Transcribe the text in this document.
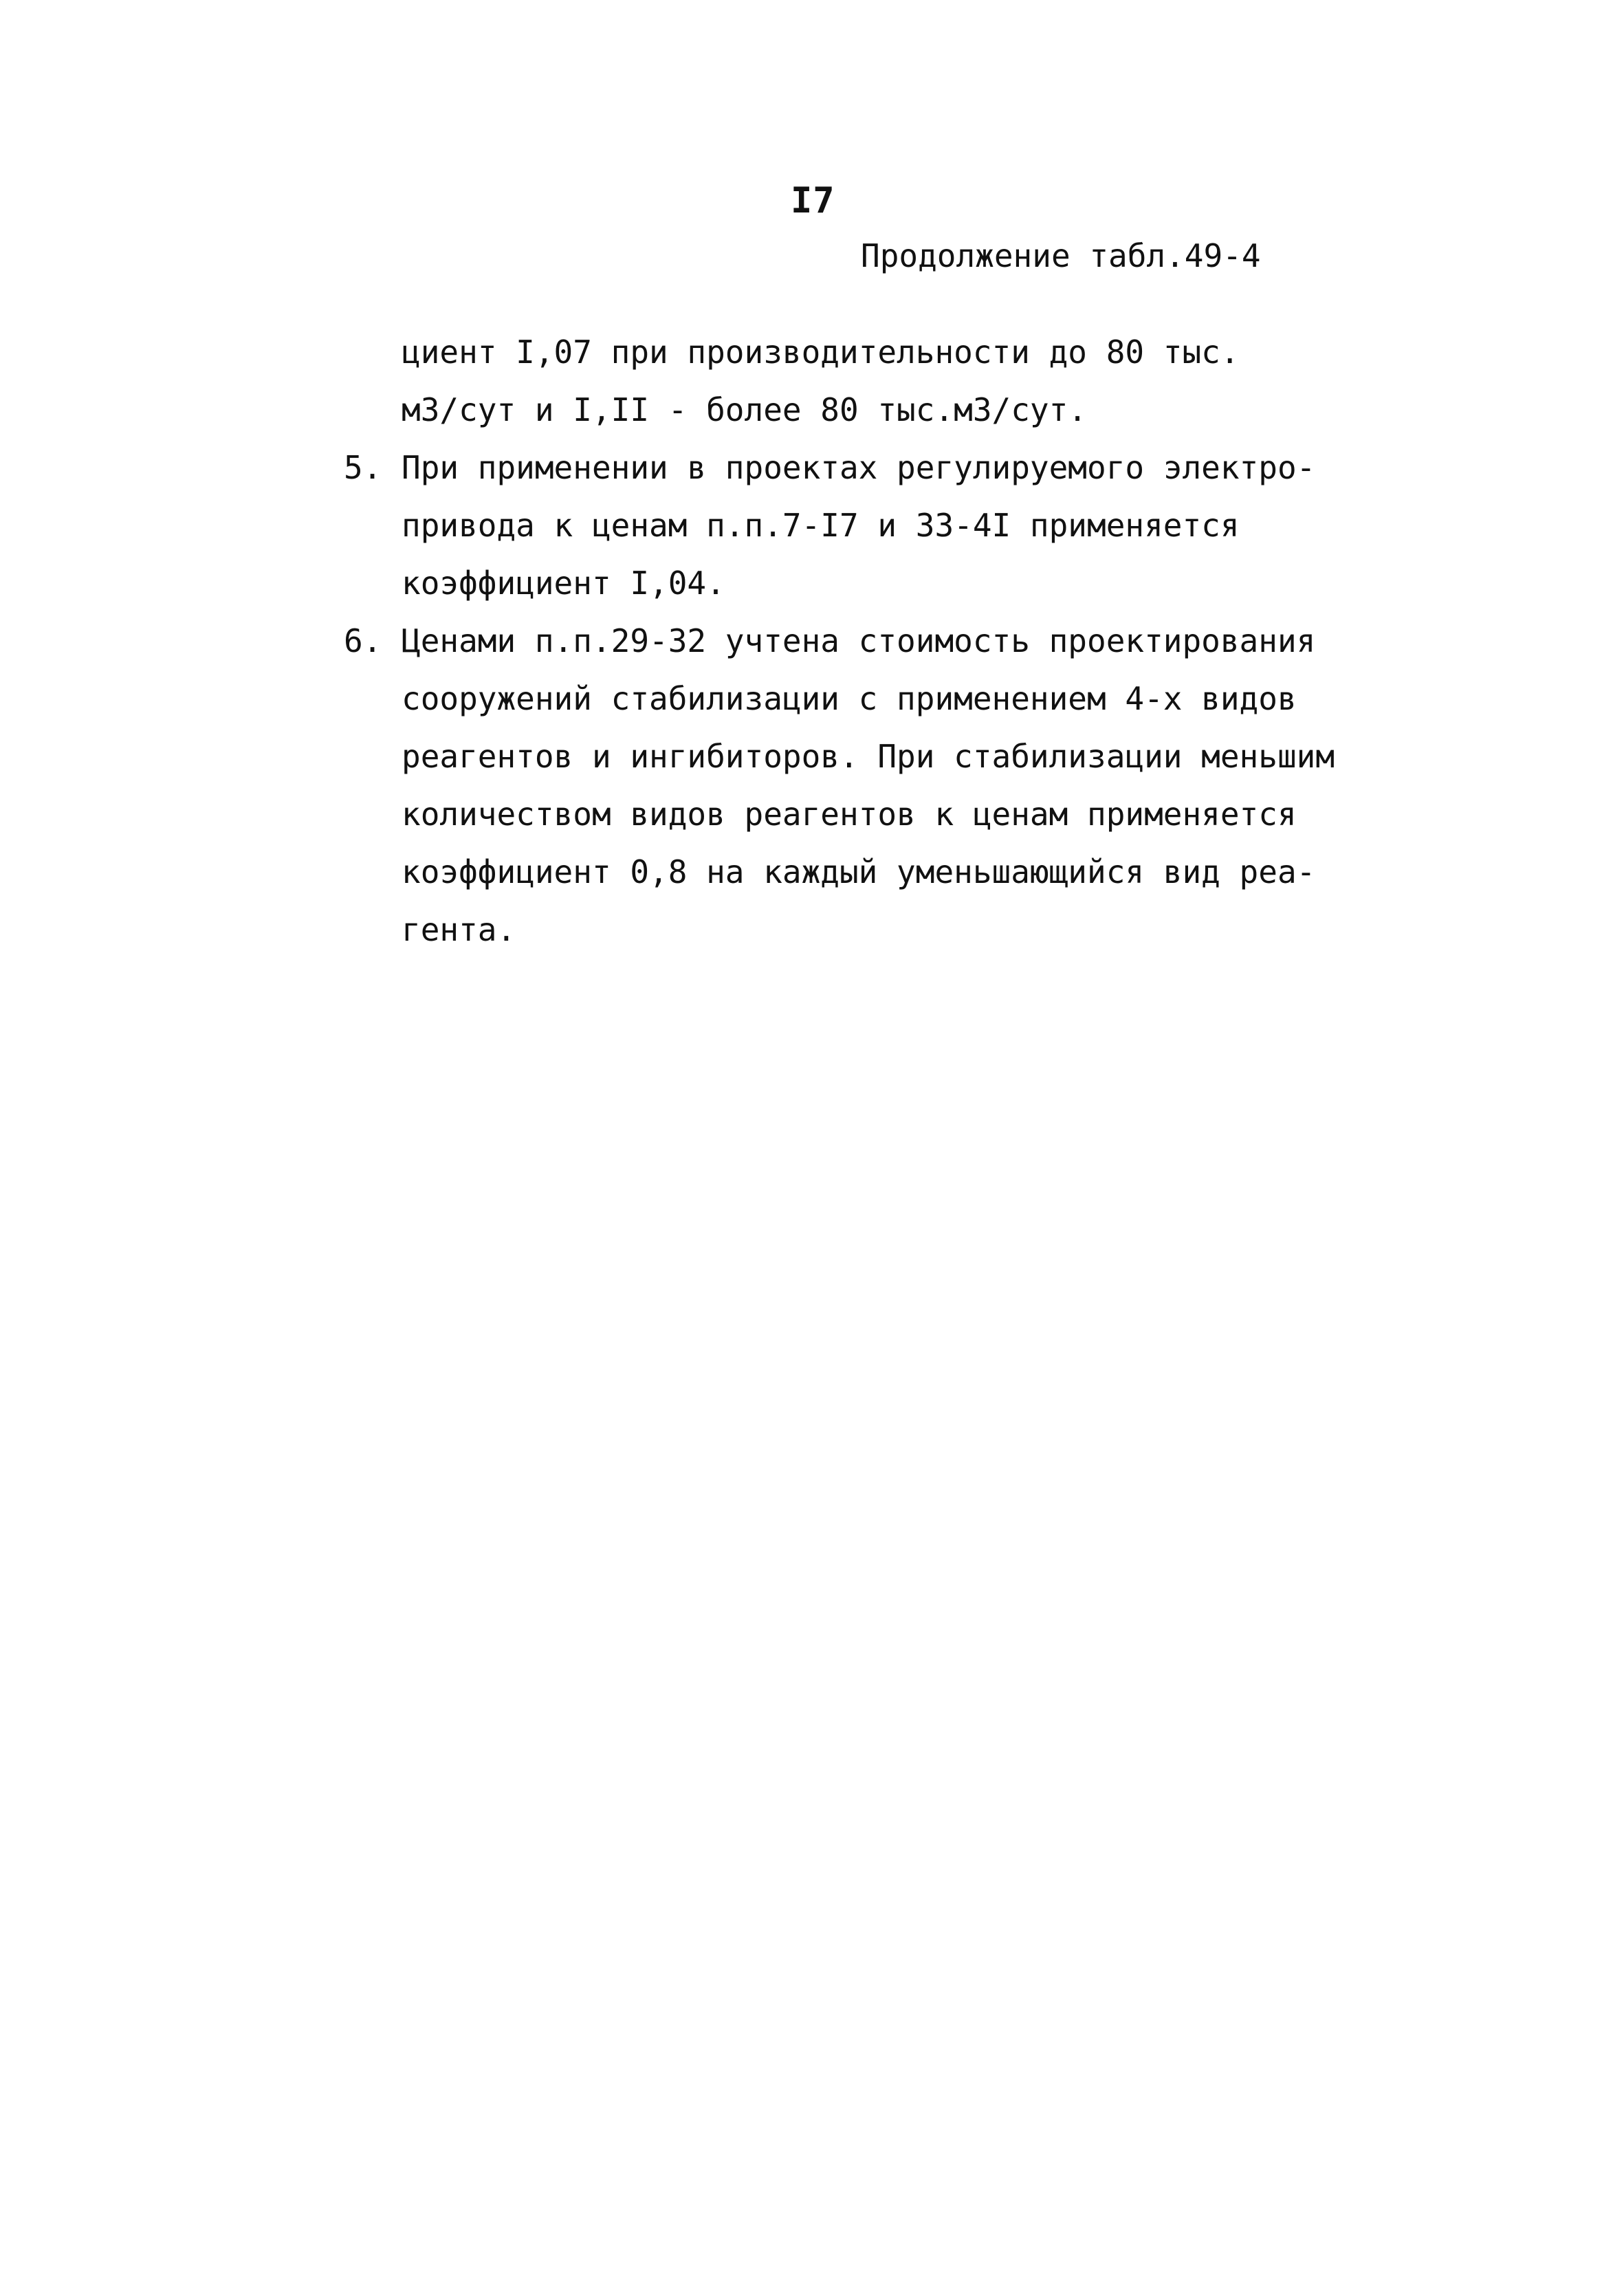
I7
Продолжение табл.49-4
циент I,07 при производительности до 80 тыс.
м3/сут и I,II - более 80 тыс.м3/сут.
5. При применении в проектах регулируемого электро-
привода к ценам п.п.7-I7 и 33-4I применяется
коэффициент I,04.
6. Ценами п.п.29-32 учтена стоимость проектирования
сооружений стабилизации с применением 4-х видов
реагентов и ингибиторов. При стабилизации меньшим
количеством видов реагентов к ценам применяется
коэффициент 0,8 на каждый уменьшающийся вид реа-
гента.
